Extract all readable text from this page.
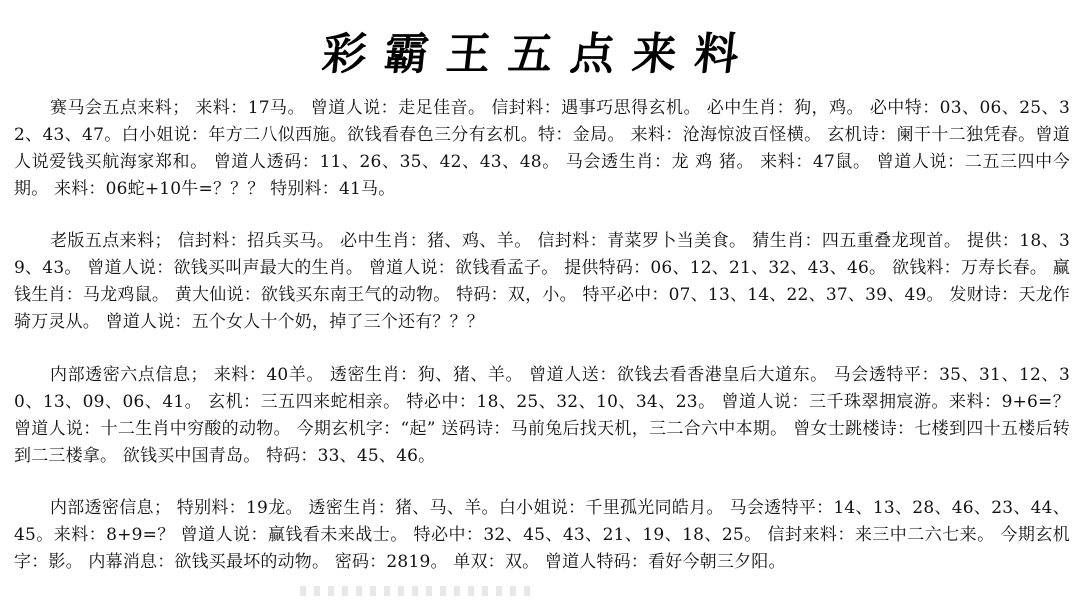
彩霸王五点来料

赛马会五点来料； 来料：17马。 曾道人说：走足佳音。 信封料：遇事巧思得玄机。 必中生肖：狗，鸡。 必中特：03、06、25、32、43、47。白小姐说：年方二八似西施。欲钱看春色三分有玄机。特：金局。 来料：沧海惊波百怪横。 玄机诗：阑干十二独凭春。曾道人说爱钱买航海家郑和。 曾道人透码：11、26、35、42、43、48。 马会透生肖：龙 鸡 猪。 来料：47鼠。 曾道人说：二五三四中今期。 来料：06蛇+10牛=？？？ 特别料：41马。

老版五点来料； 信封料：招兵买马。 必中生肖：猪、鸡、羊。 信封料：青菜罗卜当美食。 猜生肖：四五重叠龙现首。 提供：18、39、43。 曾道人说：欲钱买叫声最大的生肖。 曾道人说：欲钱看孟子。 提供特码：06、12、21、32、43、46。 欲钱料：万寿长春。 赢钱生肖：马龙鸡鼠。 黄大仙说：欲钱买东南王气的动物。 特码：双，小。 特平必中：07、13、14、22、37、39、49。 发财诗：天龙作骑万灵从。 曾道人说：五个女人十个奶，掉了三个还有？？？

内部透密六点信息； 来料：40羊。 透密生肖：狗、猪、羊。 曾道人送：欲钱去看香港皇后大道东。 马会透特平：35、31、12、30、13、09、06、41。 玄机：三五四来蛇相亲。 特必中：18、25、32、10、34、23。 曾道人说：三千珠翠拥宸游。来料：9+6=？ 曾道人说：十二生肖中穷酸的动物。 今期玄机字：“起” 送码诗：马前兔后找天机，三二合六中本期。 曾女士跳楼诗：七楼到四十五楼后转到二三楼拿。 欲钱买中国青岛。 特码：33、45、46。

内部透密信息； 特别料：19龙。 透密生肖：猪、马、羊。白小姐说：千里孤光同皓月。 马会透特平：14、13、28、46、23、44、45。来料：8+9=？ 曾道人说：赢钱看未来战士。 特必中：32、45、43、21、19、18、25。 信封来料：来三中二六七来。 今期玄机字：影。 内幕消息：欲钱买最坏的动物。 密码：2819。 单双：双。 曾道人特码：看好今朝三夕阳。
